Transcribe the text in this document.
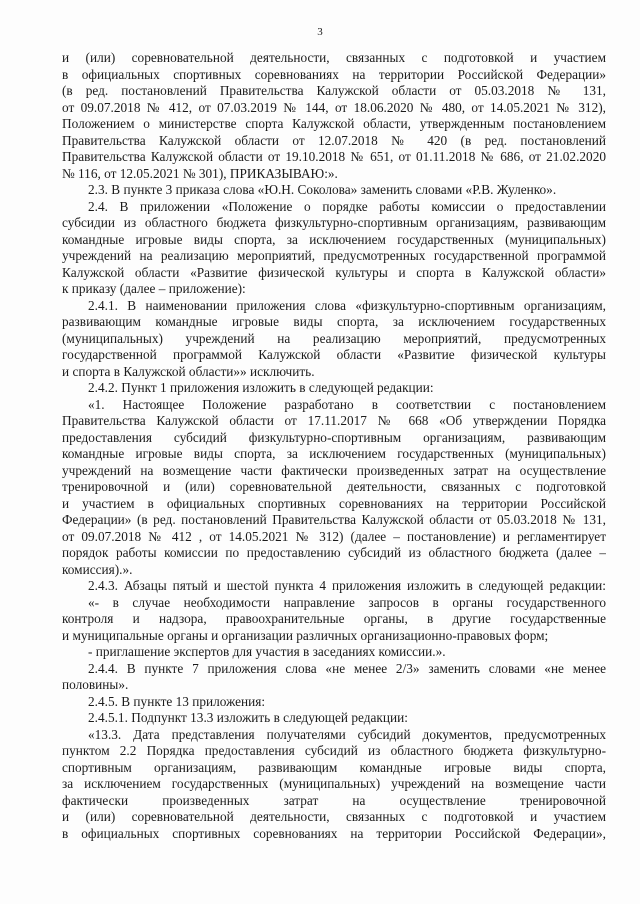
3
и (или) соревновательной деятельности, связанных с подготовкой и участием
в официальных спортивных соревнованиях на территории Российской Федерации»
(в ред. постановлений Правительства Калужской области от 05.03.2018 № 131,
от 09.07.2018 № 412, от 07.03.2019 № 144, от 18.06.2020 № 480, от 14.05.2021 № 312),
Положением о министерстве спорта Калужской области, утвержденным постановлением
Правительства Калужской области от 12.07.2018 № 420 (в ред. постановлений
Правительства Калужской области от 19.10.2018 № 651, от 01.11.2018 № 686, от 21.02.2020
№ 116, от 12.05.2021 № 301), ПРИКАЗЫВАЮ:».
2.3. В пункте 3 приказа слова «Ю.Н. Соколова» заменить словами «Р.В. Жуленко».
2.4. В приложении «Положение о порядке работы комиссии о предоставлении
субсидии из областного бюджета физкультурно-спортивным организациям, развивающим
командные игровые виды спорта, за исключением государственных (муниципальных)
учреждений на реализацию мероприятий, предусмотренных государственной программой
Калужской области «Развитие физической культуры и спорта в Калужской области»
к приказу (далее – приложение):
2.4.1. В наименовании приложения слова «физкультурно-спортивным организациям,
развивающим командные игровые виды спорта, за исключением государственных
(муниципальных) учреждений на реализацию мероприятий, предусмотренных
государственной программой Калужской области «Развитие физической культуры
и спорта в Калужской области»» исключить.
2.4.2. Пункт 1 приложения изложить в следующей редакции:
«1. Настоящее Положение разработано в соответствии с постановлением
Правительства Калужской области от 17.11.2017 № 668 «Об утверждении Порядка
предоставления субсидий физкультурно-спортивным организациям, развивающим
командные игровые виды спорта, за исключением государственных (муниципальных)
учреждений на возмещение части фактически произведенных затрат на осуществление
тренировочной и (или) соревновательной деятельности, связанных с подготовкой
и участием в официальных спортивных соревнованиях на территории Российской
Федерации» (в ред. постановлений Правительства Калужской области от 05.03.2018 № 131,
от 09.07.2018 № 412 , от 14.05.2021 № 312) (далее – постановление) и регламентирует
порядок работы комиссии по предоставлению субсидий из областного бюджета (далее –
комиссия).».
2.4.3. Абзацы пятый и шестой пункта 4 приложения изложить в следующей редакции:
«- в случае необходимости направление запросов в органы государственного
контроля и надзора, правоохранительные органы, в другие государственные
и муниципальные органы и организации различных организационно-правовых форм;
- приглашение экспертов для участия в заседаниях комиссии.».
2.4.4. В пункте 7 приложения слова «не менее 2/3» заменить словами «не менее
половины».
2.4.5. В пункте 13 приложения:
2.4.5.1. Подпункт 13.3 изложить в следующей редакции:
«13.3. Дата представления получателями субсидий документов, предусмотренных
пунктом 2.2 Порядка предоставления субсидий из областного бюджета физкультурно-
спортивным организациям, развивающим командные игровые виды спорта,
за исключением государственных (муниципальных) учреждений на возмещение части
фактически произведенных затрат на осуществление тренировочной
и (или) соревновательной деятельности, связанных с подготовкой и участием
в официальных спортивных соревнованиях на территории Российской Федерации»,
